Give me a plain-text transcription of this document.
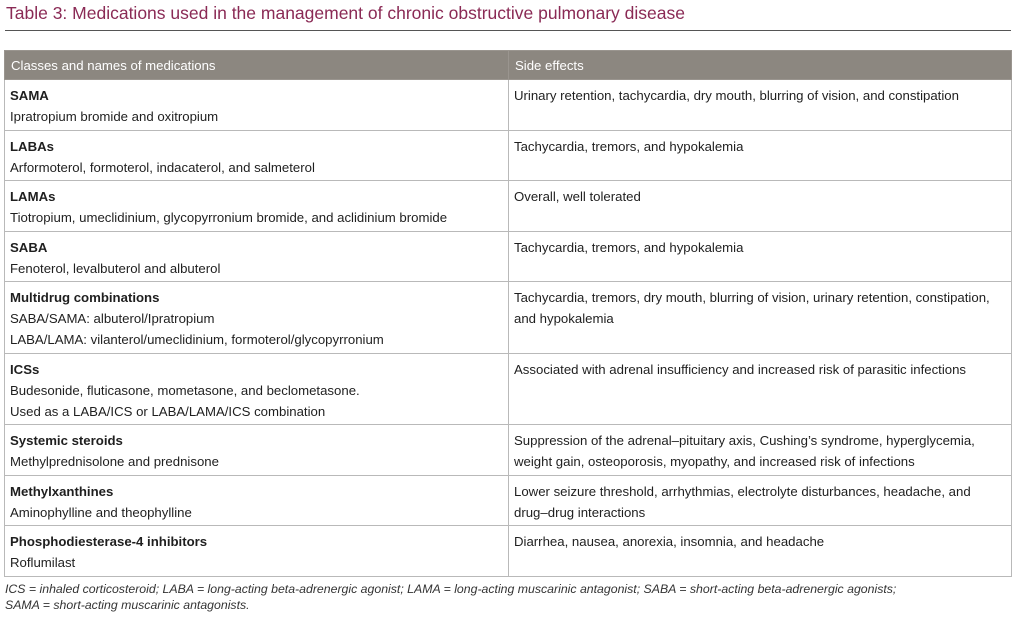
Table 3: Medications used in the management of chronic obstructive pulmonary disease
Classes and names of medications	Side effects

SAMA
Ipratropium bromide and oxitropium	Urinary retention, tachycardia, dry mouth, blurring of vision, and constipation

LABAs
Arformoterol, formoterol, indacaterol, and salmeterol	Tachycardia, tremors, and hypokalemia

LAMAs
Tiotropium, umeclidinium, glycopyrronium bromide, and aclidinium bromide	Overall, well tolerated

SABA
Fenoterol, levalbuterol and albuterol	Tachycardia, tremors, and hypokalemia

Multidrug combinations
SABA/SAMA: albuterol/Ipratropium
LABA/LAMA: vilanterol/umeclidinium, formoterol/glycopyrronium	Tachycardia, tremors, dry mouth, blurring of vision, urinary retention, constipation,
and hypokalemia

ICSs
Budesonide, fluticasone, mometasone, and beclometasone.
Used as a LABA/ICS or LABA/LAMA/ICS combination	Associated with adrenal insufficiency and increased risk of parasitic infections

Systemic steroids
Methylprednisolone and prednisone	Suppression of the adrenal–pituitary axis, Cushing’s syndrome, hyperglycemia,
weight gain, osteoporosis, myopathy, and increased risk of infections

Methylxanthines
Aminophylline and theophylline	Lower seizure threshold, arrhythmias, electrolyte disturbances, headache, and
drug–drug interactions

Phosphodiesterase-4 inhibitors
Roflumilast	Diarrhea, nausea, anorexia, insomnia, and headache
ICS = inhaled corticosteroid; LABA = long-acting beta-adrenergic agonist; LAMA = long-acting muscarinic antagonist; SABA = short-acting beta-adrenergic agonists;
SAMA = short-acting muscarinic antagonists.
